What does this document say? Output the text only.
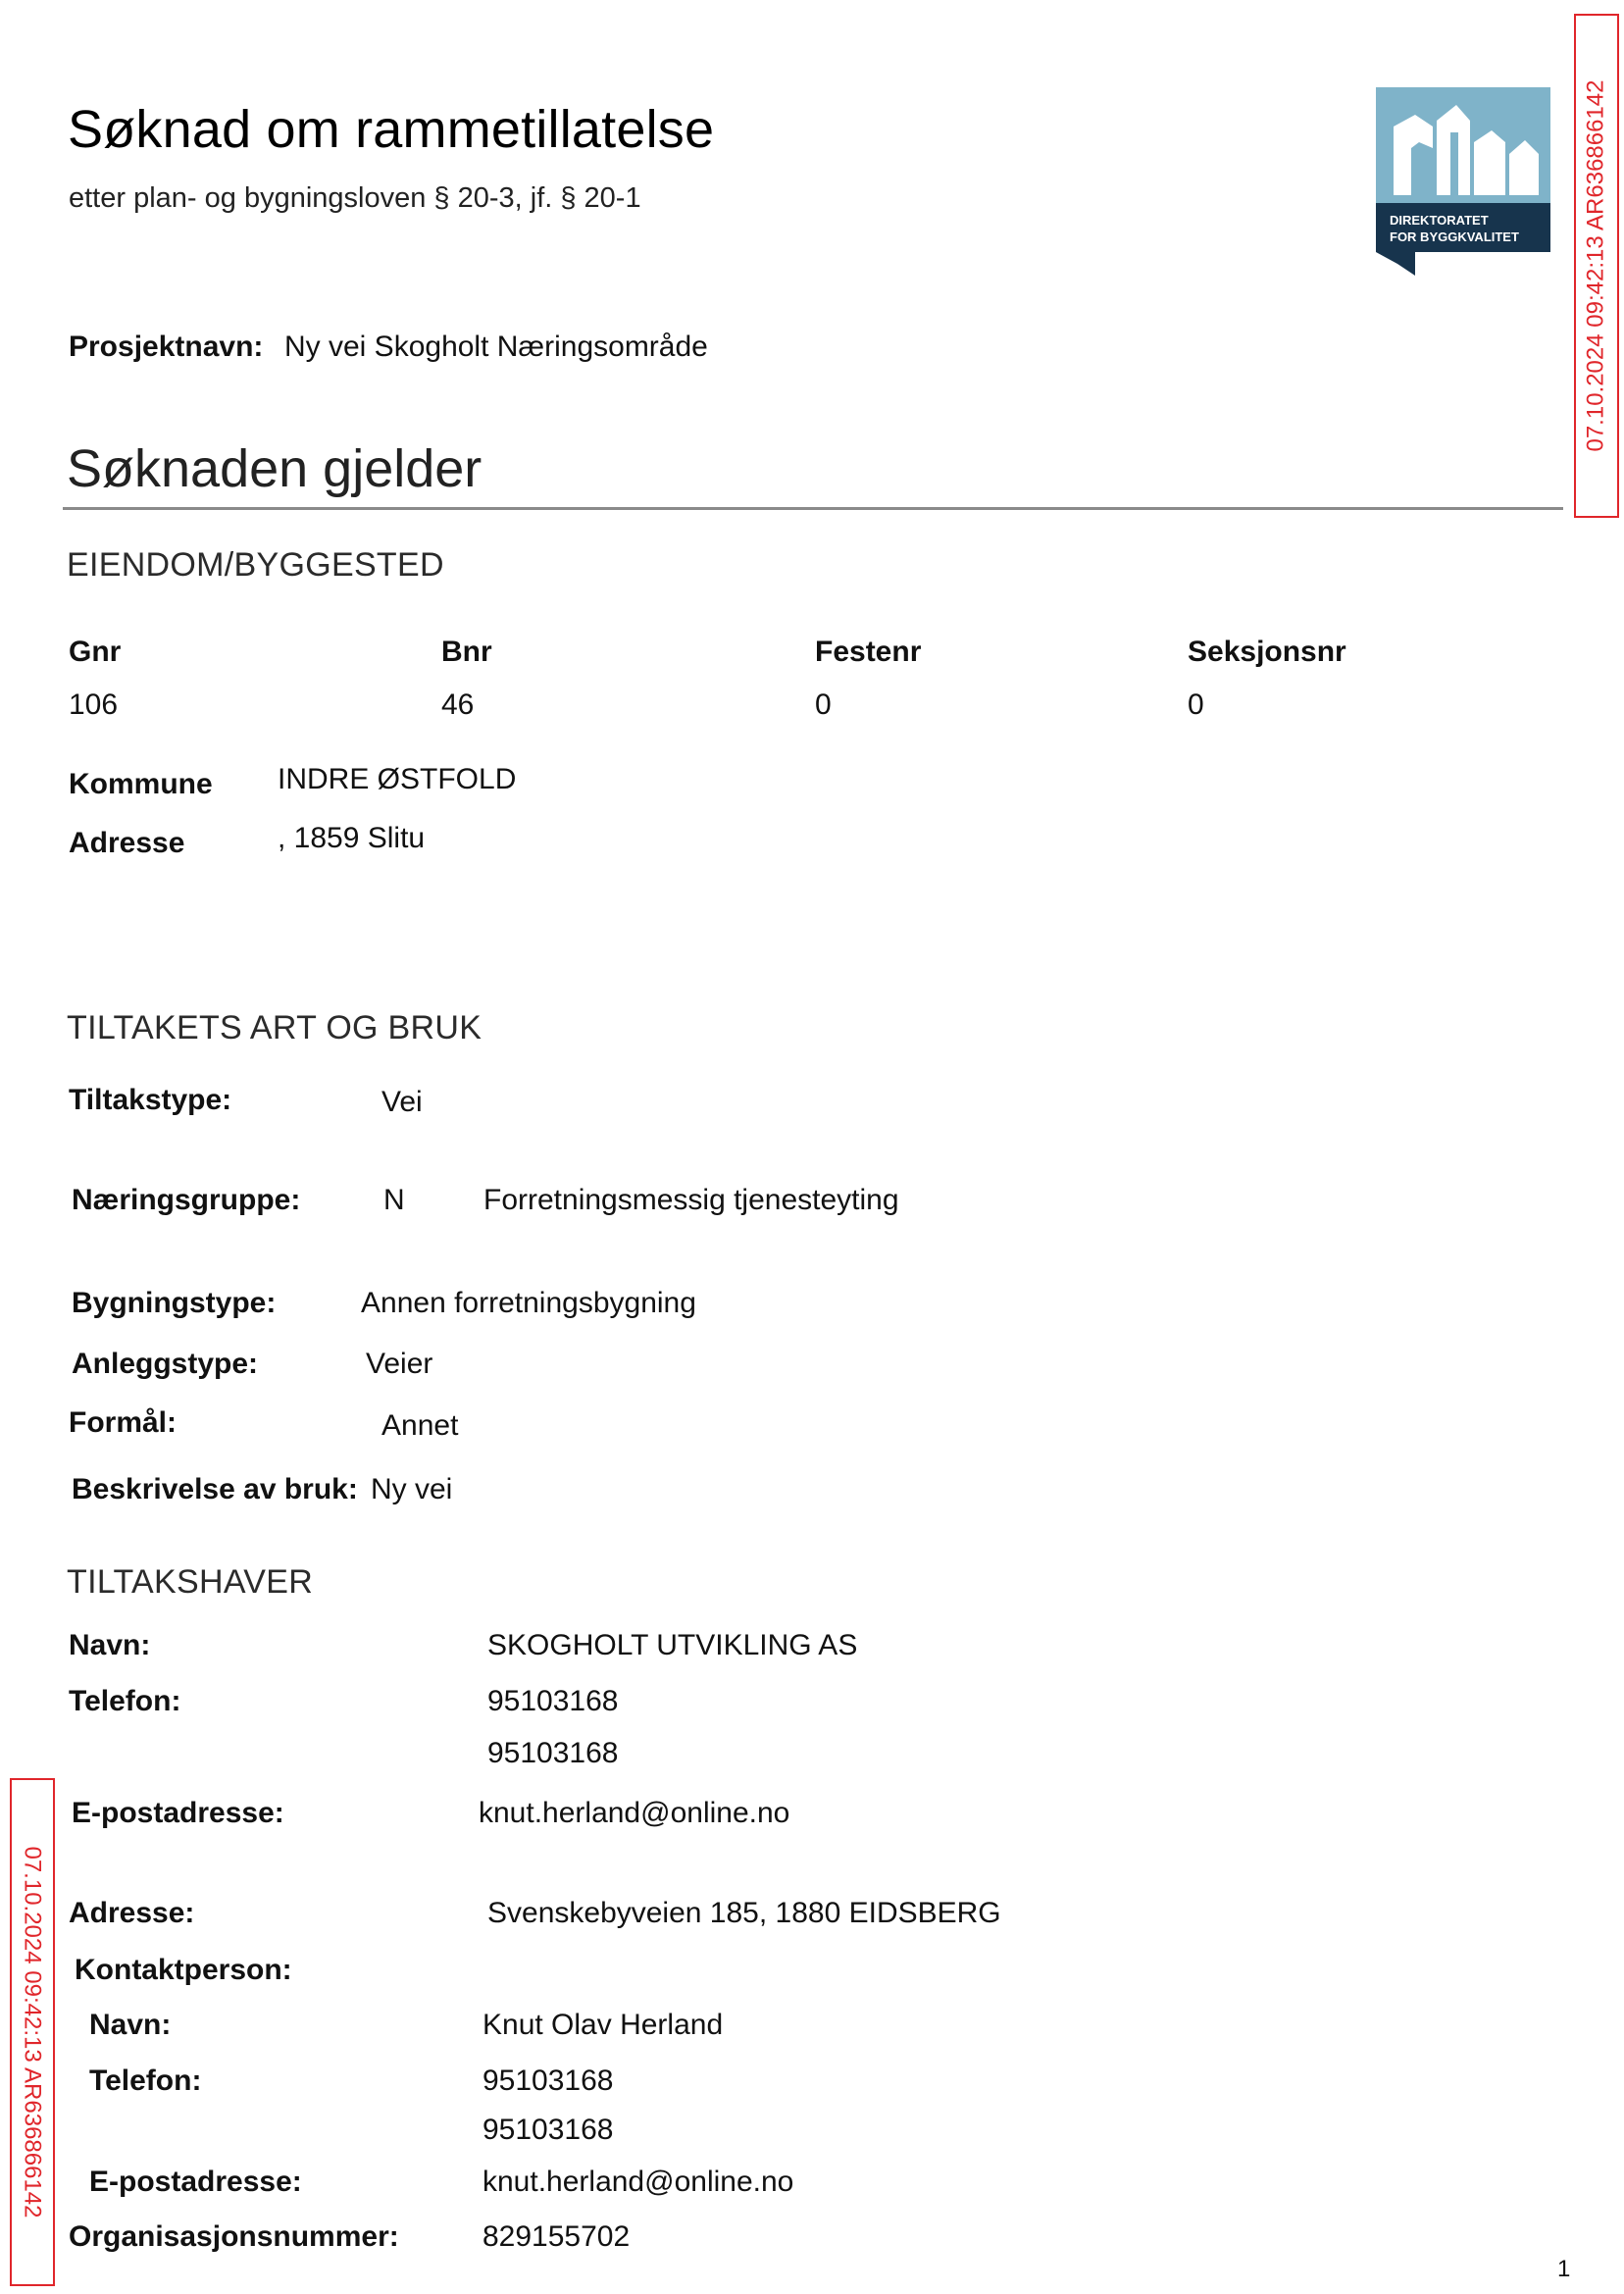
Søknad om rammetillatelse
etter plan- og bygningsloven § 20-3, jf. § 20-1
DIREKTORATET
FOR BYGGKVALITET	07.10.2024 09:42:13 AR636866142
07.10.2024 09:42:13 AR636866142
Prosjektnavn: Ny vei Skogholt Næringsområde
Søknaden gjelder
EIENDOM/BYGGESTED
Gnr	Bnr	Festenr	Seksjonsnr
106	46	0	0
Kommune INDRE ØSTFOLD
Adresse	, 1859 Slitu
TILTAKETS ART OG BRUK
Tiltakstype:	Vei
Næringsgruppe:	N	Forretningsmessig tjenesteyting
Bygningstype:	Annen forretningsbygning
Anleggstype:	Veier
Formål:	Annet
Beskrivelse av bruk: Ny vei
TILTAKSHAVER
Navn:	SKOGHOLT UTVIKLING AS
Telefon:	95103168
95103168
E-postadresse:	knut.herland@online.no
Adresse:	Svenskebyveien 185, 1880 EIDSBERG
Kontaktperson:
Navn:	Knut Olav Herland
Telefon:	95103168
95103168
E-postadresse:	knut.herland@online.no
Organisasjonsnummer:	829155702
1
